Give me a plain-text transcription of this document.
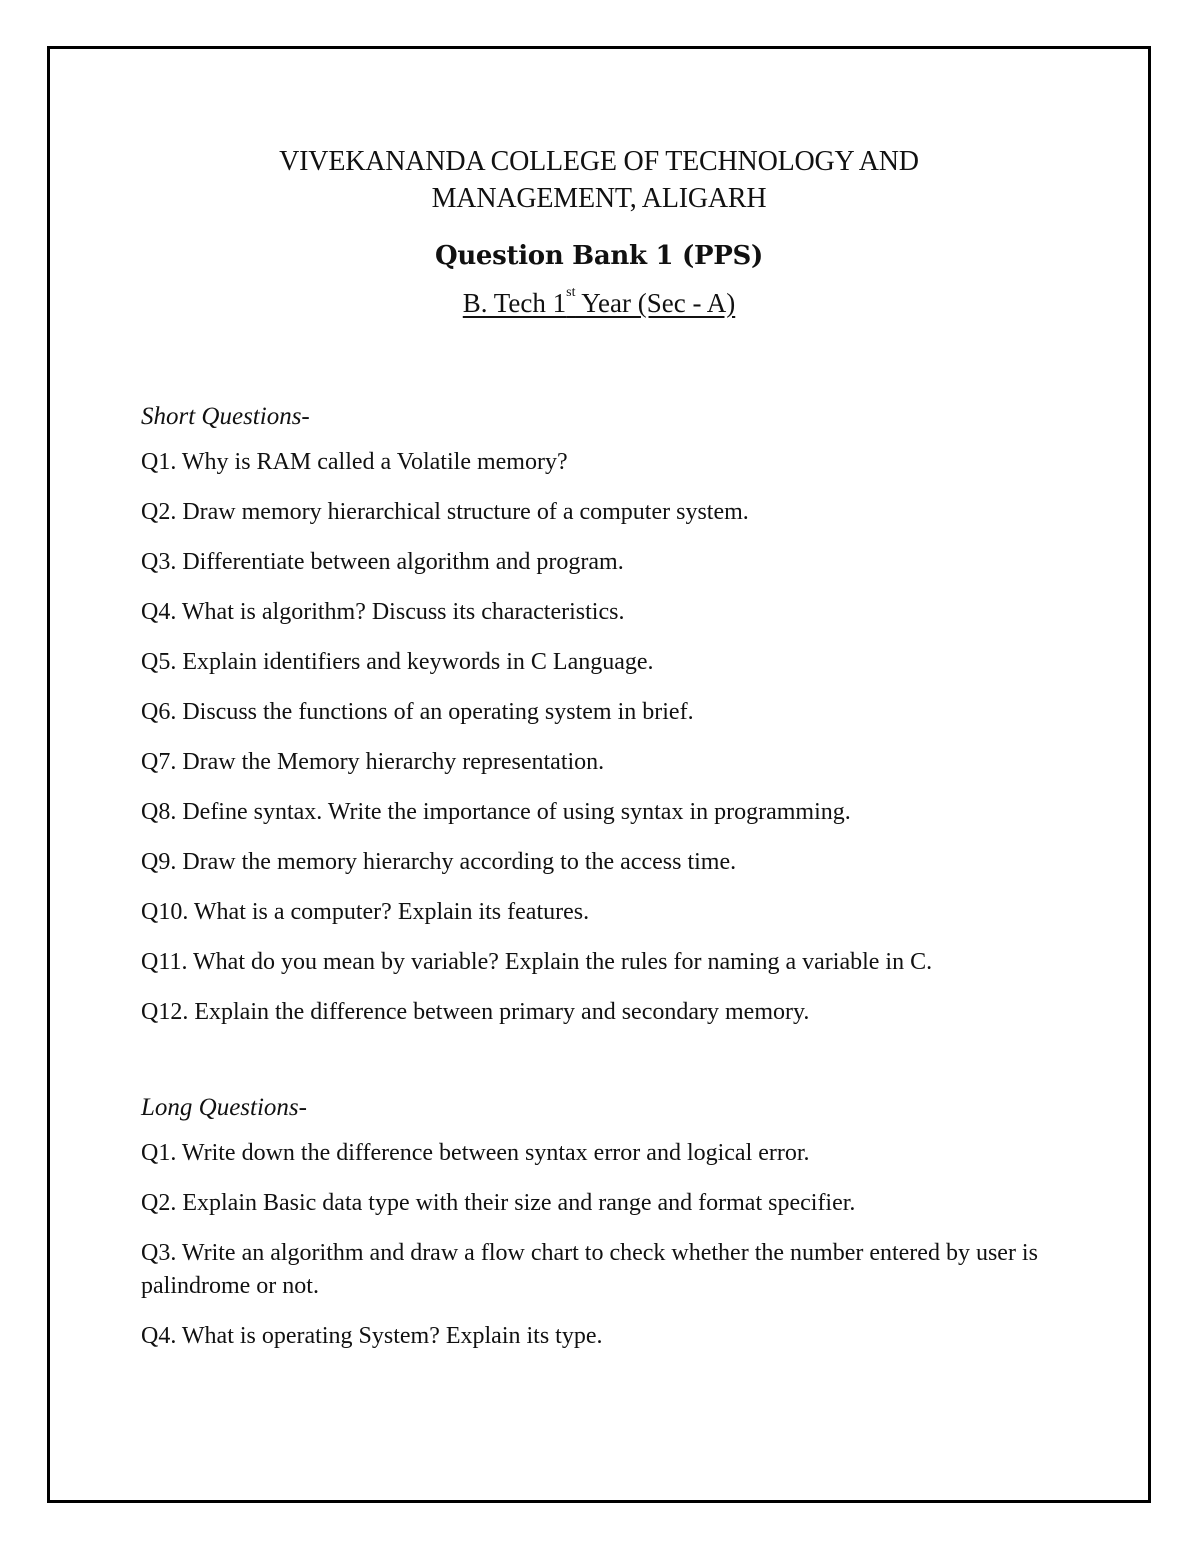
VIVEKANANDA COLLEGE OF TECHNOLOGY AND
MANAGEMENT, ALIGARH
Question Bank 1 (PPS)
B. Tech 1st Year (Sec - A)
Short Questions-
Q1. Why is RAM called a Volatile memory?
Q2. Draw memory hierarchical structure of a computer system.
Q3. Differentiate between algorithm and program.
Q4. What is algorithm? Discuss its characteristics.
Q5. Explain identifiers and keywords in C Language.
Q6. Discuss the functions of an operating system in brief.
Q7. Draw the Memory hierarchy representation.
Q8. Define syntax. Write the importance of using syntax in programming.
Q9. Draw the memory hierarchy according to the access time.
Q10. What is a computer? Explain its features.
Q11. What do you mean by variable? Explain the rules for naming a variable in C.
Q12. Explain the difference between primary and secondary memory.
Long Questions-
Q1. Write down the difference between syntax error and logical error.
Q2. Explain Basic data type with their size and range and format specifier.
Q3. Write an algorithm and draw a flow chart to check whether the number entered by user is palindrome or not.
Q4. What is operating System? Explain its type.
